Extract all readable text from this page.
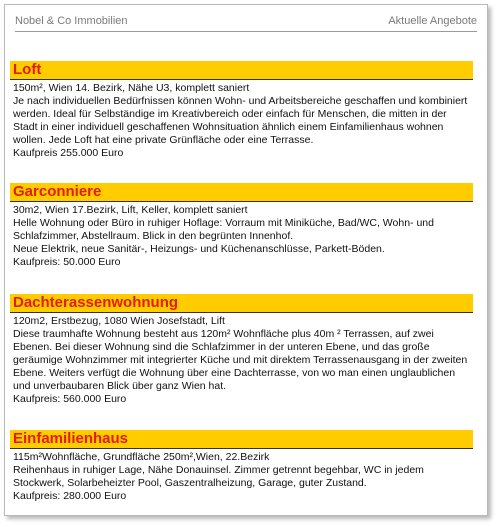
Nobel & Co Immobilien	Aktuelle Angebote
Loft

150m², Wien 14. Bezirk, Nähe U3, komplett saniert

Je nach individuellen Bedürfnissen können Wohn- und Arbeitsbereiche geschaffen und kombiniert werden. Ideal für Selbständige im Kreativbereich oder einfach für Menschen, die mitten in der Stadt in einer individuell geschaffenen Wohnsituation ähnlich einem Einfamilienhaus wohnen wollen. Jede Loft hat eine private Grünfläche oder eine Terrasse.

Kaufpreis 255.000 Euro

Garconniere

30m2, Wien 17.Bezirk, Lift, Keller, komplett saniert

Helle Wohnung oder Büro in ruhiger Hoflage: Vorraum mit Miniküche, Bad/WC, Wohn- und Schlafzimmer, Abstellraum. Blick in den begrünten Innenhof.

Neue Elektrik, neue Sanitär-, Heizungs- und Küchenanschlüsse, Parkett-Böden.

Kaufpreis: 50.000 Euro

Dachterassenwohnung

120m2, Erstbezug, 1080 Wien Josefstadt, Lift

Diese traumhafte Wohnung besteht aus 120m² Wohnfläche plus 40m ² Terrassen, auf zwei Ebenen. Bei dieser Wohnung sind die Schlafzimmer in der unteren Ebene, und das große geräumige Wohnzimmer mit integrierter Küche und mit direktem Terrassenausgang in der zweiten Ebene. Weiters verfügt die Wohnung über eine Dachterrasse, von wo man einen unglaublichen und unverbaubaren Blick über ganz Wien hat.

Kaufpreis: 560.000 Euro

Einfamilienhaus

115m²Wohnfläche, Grundfläche 250m²,Wien, 22.Bezirk

Reihenhaus in ruhiger Lage, Nähe Donauinsel. Zimmer getrennt begehbar, WC in jedem Stockwerk, Solarbeheizter Pool, Gaszentralheizung, Garage, guter Zustand.

Kaufpreis: 280.000 Euro
